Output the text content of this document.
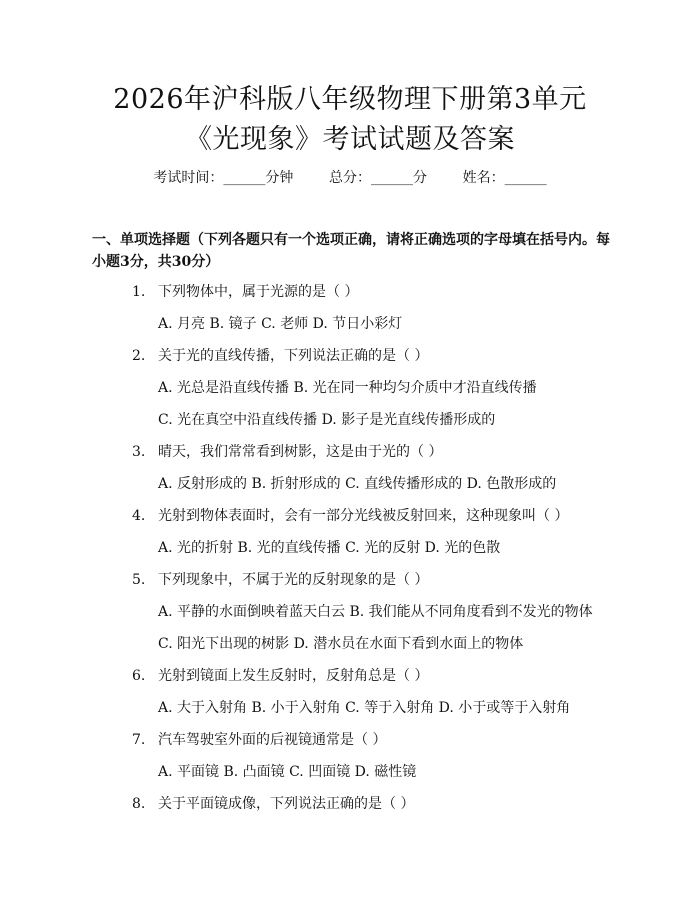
2026年沪科版八年级物理下册第3单元《光现象》考试试题及答案
考试时间：______分钟	总分：______分	姓名：______
一、单项选择题（下列各题只有一个选项正确，请将正确选项的字母填在括号内。每小题3分，共30分）
1. 下列物体中，属于光源的是（ ）
A. 月亮 B. 镜子 C. 老师 D. 节日小彩灯
2. 关于光的直线传播，下列说法正确的是（ ）
A. 光总是沿直线传播 B. 光在同一种均匀介质中才沿直线传播
C. 光在真空中沿直线传播 D. 影子是光直线传播形成的
3. 晴天，我们常常看到树影，这是由于光的（ ）
A. 反射形成的 B. 折射形成的 C. 直线传播形成的 D. 色散形成的
4. 光射到物体表面时，会有一部分光线被反射回来，这种现象叫（ ）
A. 光的折射 B. 光的直线传播 C. 光的反射 D. 光的色散
5. 下列现象中，不属于光的反射现象的是（ ）
A. 平静的水面倒映着蓝天白云 B. 我们能从不同角度看到不发光的物体
C. 阳光下出现的树影 D. 潜水员在水面下看到水面上的物体
6. 光射到镜面上发生反射时，反射角总是（ ）
A. 大于入射角 B. 小于入射角 C. 等于入射角 D. 小于或等于入射角
7. 汽车驾驶室外面的后视镜通常是（ ）
A. 平面镜 B. 凸面镜 C. 凹面镜 D. 磁性镜
8. 关于平面镜成像，下列说法正确的是（ ）
